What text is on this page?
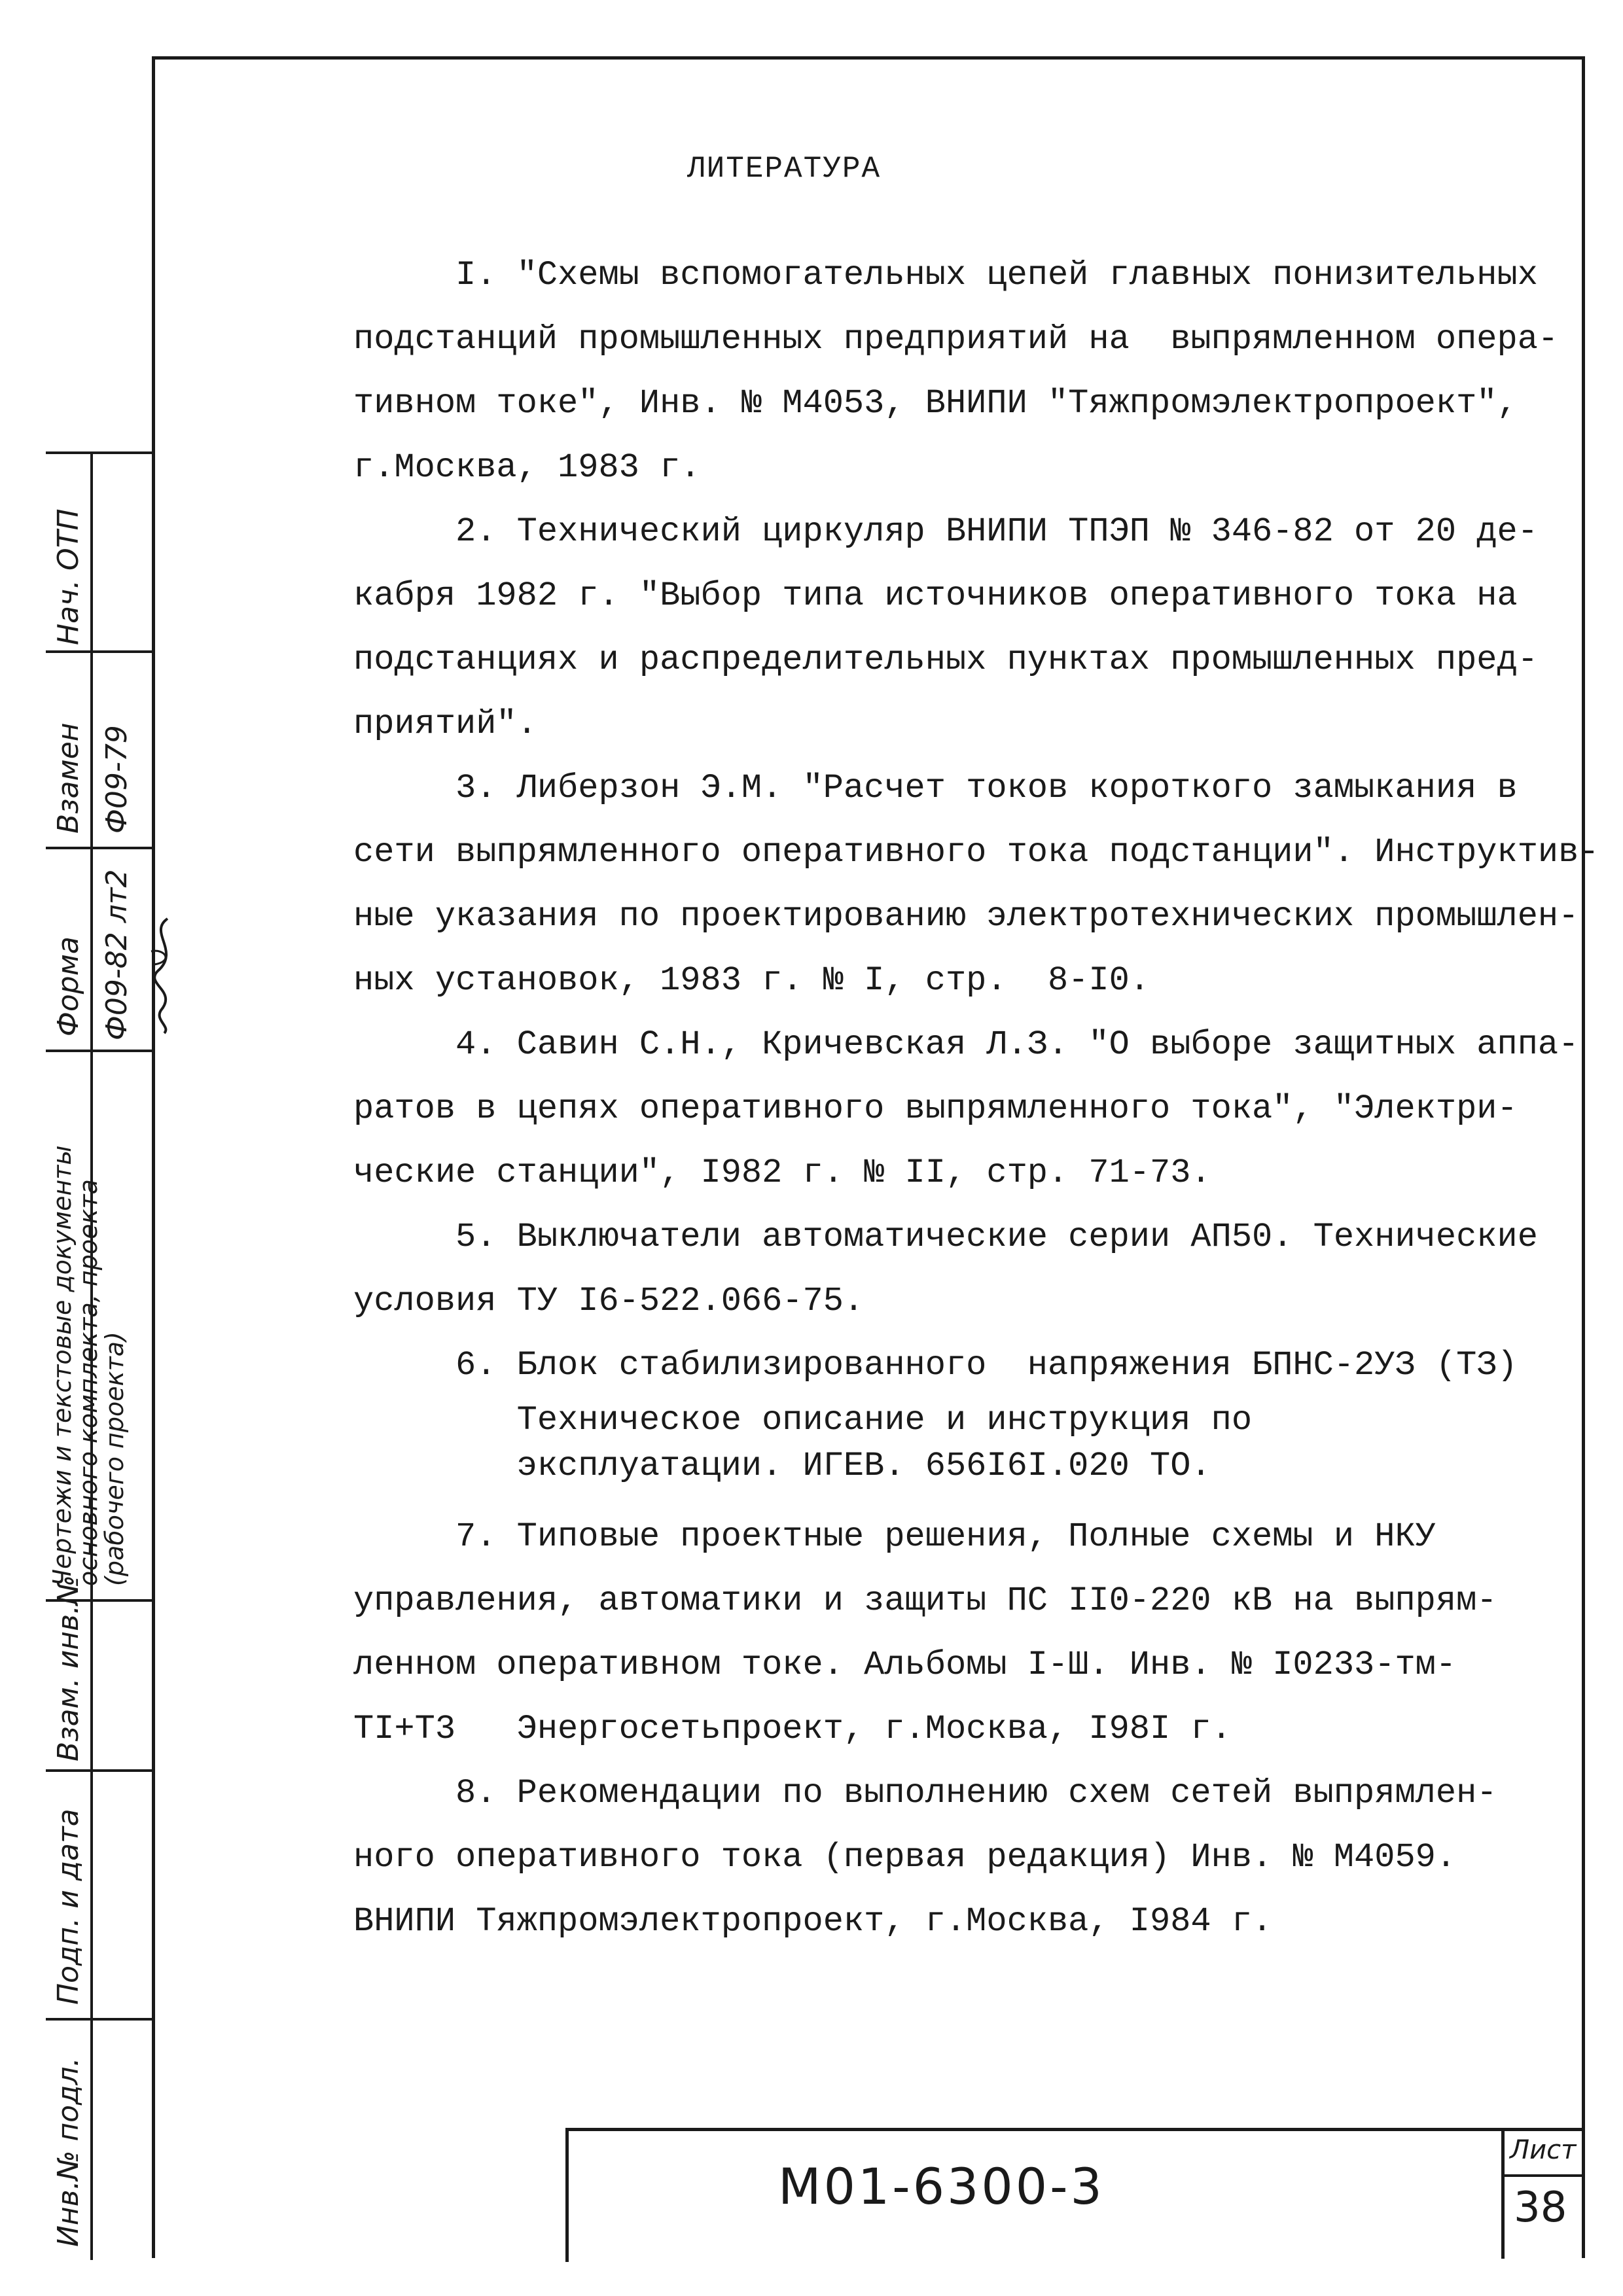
Нач. ОТП
Взамен Ф09-79
Форма Ф09-82 лт2
Чертежи и текстовые документы основного комплекта, проекта (рабочего проекта)
Взам. инв.№
Подп. и дата
Инв.№ подл.
ЛИТЕРАТУРА
I. "Схемы вспомогательных цепей главных понизительных
подстанций промышленных предприятий на  выпрямленном опера-
тивном токе", Инв. № М4053, ВНИПИ "Тяжпромэлектропроект",
г.Москва, 1983 г.
2. Технический циркуляр ВНИПИ ТПЭП № 346-82 от 20 де-
кабря 1982 г. "Выбор типа источников оперативного тока на
подстанциях и распределительных пунктах промышленных пред-
приятий".
3. Либерзон Э.М. "Расчет токов короткого замыкания в
сети выпрямленного оперативного тока подстанции". Инструктив-
ные указания по проектированию электротехнических промышлен-
ных установок, 1983 г. № I, стр.  8-I0.
4. Савин С.Н., Кричевская Л.З. "О выборе защитных аппа-
ратов в цепях оперативного выпрямленного тока", "Электри-
ческие станции", I982 г. № II, стр. 71-73.
5. Выключатели автоматические серии АП50. Технические
условия ТУ I6-522.066-75.
6. Блок стабилизированного  напряжения БПНС-2УЗ (ТЗ)
Техническое описание и инструкция по
эксплуатации. ИГЕВ. 656I6I.020 ТО.
7. Типовые проектные решения, Полные схемы и НКУ
управления, автоматики и защиты ПС II0-220 кВ на выпрям-
ленном оперативном токе. Альбомы I-Ш. Инв. № I0233-тм-
TI+T3   Энергосетьпроект, г.Москва, I98I г.
8. Рекомендации по выполнению схем сетей выпрямлен-
ного оперативного тока (первая редакция) Инв. № М4059.
ВНИПИ Тяжпромэлектропроект, г.Москва, I984 г.
М01-6300-3
Лист
38
